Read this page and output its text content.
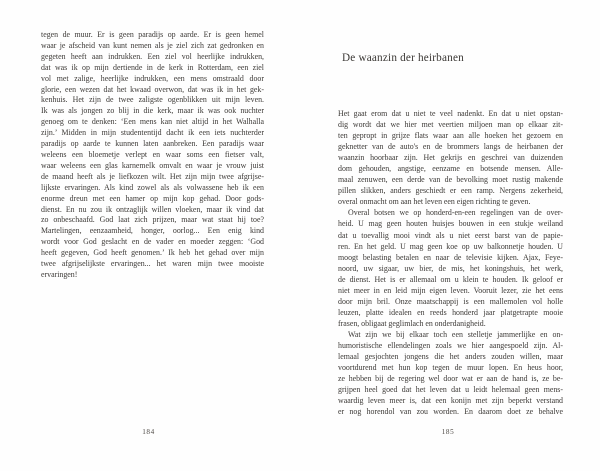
tegen de muur. Er is geen paradijs op aarde. Er is geen hemel
waar je afscheid van kunt nemen als je ziel zich zat gedronken en
gegeten heeft aan indrukken. Een ziel vol heerlijke indrukken,
dat was ik op mijn dertiende in de kerk in Rotterdam, een ziel
vol met zalige, heerlijke indrukken, een mens omstraald door
glorie, een wezen dat het kwaad overwon, dat was ik in het gek-
kenhuis. Het zijn de twee zaligste ogenblikken uit mijn leven.
Ik was als jongen zo blij in die kerk, maar ik was ook nuchter
genoeg om te denken: ‘Een mens kan niet altijd in het Walhalla
zijn.’ Midden in mijn studententijd dacht ik een iets nuchterder
paradijs op aarde te kunnen laten aanbreken. Een paradijs waar
weleens een bloemetje verlept en waar soms een fietser valt,
waar weleens een glas karnemelk omvalt en waar je vrouw juist
de maand heeft als je liefkozen wilt. Het zijn mijn twee afgrijse-
lijkste ervaringen. Als kind zowel als als volwassene heb ik een
enorme dreun met een hamer op mijn kop gehad. Door gods-
dienst. En nu zou ik ontzaglijk willen vloeken, maar ik vind dat
zo onbeschaafd. God laat zich prijzen, maar wat staat hij toe?
Martelingen, eenzaamheid, honger, oorlog... Een enig kind
wordt voor God geslacht en de vader en moeder zeggen: ‘God
heeft gegeven, God heeft genomen.’ Ik heb het gehad over mijn
twee afgrijselijkste ervaringen... het waren mijn twee mooiste
ervaringen!
184
De waanzin der heirbanen
Het gaat erom dat u niet te veel nadenkt. En dat u niet opstan-
dig wordt dat we hier met veertien miljoen man op elkaar zit-
ten gepropt in grijze flats waar aan alle hoeken het gezoem en
geknetter van de auto's en de brommers langs de heirbanen der
waanzin hoorbaar zijn. Het gekrijs en geschrei van duizenden
dom gehouden, angstige, eenzame en botsende mensen. Alle-
maal zenuwen, een derde van de bevolking moet rustig makende
pillen slikken, anders geschiedt er een ramp. Nergens zekerheid,
overal onmacht om aan het leven een eigen richting te geven.
Overal botsen we op honderd-en-een regelingen van de over-
heid. U mag geen houten huisjes bouwen in een stukje weiland
dat u toevallig mooi vindt als u niet eerst barst van de papie-
ren. En het geld. U mag geen koe op uw balkonnetje houden. U
moogt belasting betalen en naar de televisie kijken. Ajax, Feye-
noord, uw sigaar, uw bier, de mis, het koningshuis, het werk,
de dienst. Het is er allemaal om u klein te houden. Ik geloof er
niet meer in en leid mijn eigen leven. Vooruit lezer, zie het eens
door mijn bril. Onze maatschappij is een mallemolen vol holle
leuzen, platte idealen en reeds honderd jaar platgetrapte mooie
frasen, obligaat geglimlach en onderdanigheid.
Wat zijn we bij elkaar toch een stelletje jammerlijke en on-
humoristische ellendelingen zoals we hier aangespoeld zijn. Al-
lemaal gesjochten jongens die het anders zouden willen, maar
voortdurend met hun kop tegen de muur lopen. En heus hoor,
ze hebben bij de regering wel door wat er aan de hand is, ze be-
grijpen heel goed dat het leven dat u leidt helemaal geen mens-
waardig leven meer is, dat een konijn met zijn beperkt verstand
er nog horendol van zou worden. En daarom doet ze behalve
185
